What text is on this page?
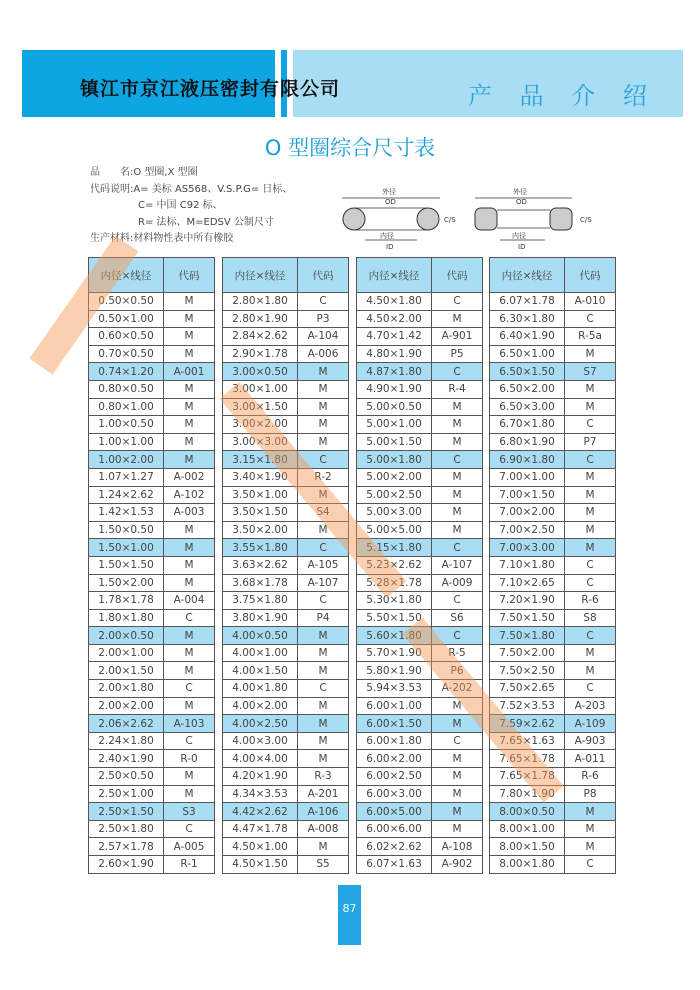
镇江市京江液压密封有限公司	产 品 介 绍
O 型圈综合尺寸表
品　　名:O 型圈,X 型圈
代码说明:A= 美标 AS568、V.S.P.G= 日标、
C= 中国 C92 标、
R= 法标、M=EDSV 公制尺寸
生产材料:材料物性表中所有橡胶
外径
OD
内径
ID
C/S
外径
OD
内径
ID
C/S
内径×线径	代码
0.50×0.50	M
0.50×1.00	M
0.60×0.50	M
0.70×0.50	M
0.74×1.20	A-001
0.80×0.50	M
0.80×1.00	M
1.00×0.50	M
1.00×1.00	M
1.00×2.00	M
1.07×1.27	A-002
1.24×2.62	A-102
1.42×1.53	A-003
1.50×0.50	M
1.50×1.00	M
1.50×1.50	M
1.50×2.00	M
1.78×1.78	A-004
1.80×1.80	C
2.00×0.50	M
2.00×1.00	M
2.00×1.50	M
2.00×1.80	C
2.00×2.00	M
2.06×2.62	A-103
2.24×1.80	C
2.40×1.90	R-0
2.50×0.50	M
2.50×1.00	M
2.50×1.50	S3
2.50×1.80	C
2.57×1.78	A-005
2.60×1.90	R-1
内径×线径	代码
2.80×1.80	C
2.80×1.90	P3
2.84×2.62	A-104
2.90×1.78	A-006
3.00×0.50	M
3.00×1.00	M
3.00×1.50	M
3.00×2.00	M
3.00×3.00	M
3.15×1.80	C
3.40×1.90	R-2
3.50×1.00	M
3.50×1.50	S4
3.50×2.00	M
3.55×1.80	C
3.63×2.62	A-105
3.68×1.78	A-107
3.75×1.80	C
3.80×1.90	P4
4.00×0.50	M
4.00×1.00	M
4.00×1.50	M
4.00×1.80	C
4.00×2.00	M
4.00×2.50	M
4.00×3.00	M
4.00×4.00	M
4.20×1.90	R-3
4.34×3.53	A-201
4.42×2.62	A-106
4.47×1.78	A-008
4.50×1.00	M
4.50×1.50	S5
内径×线径	代码
4.50×1.80	C
4.50×2.00	M
4.70×1.42	A-901
4.80×1.90	P5
4.87×1.80	C
4.90×1.90	R-4
5.00×0.50	M
5.00×1.00	M
5.00×1.50	M
5.00×1.80	C
5.00×2.00	M
5.00×2.50	M
5.00×3.00	M
5.00×5.00	M
5.15×1.80	C
5.23×2.62	A-107
5.28×1.78	A-009
5.30×1.80	C
5.50×1.50	S6
5.60×1.80	C
5.70×1.90	R-5
5.80×1.90	P6
5.94×3.53	A-202
6.00×1.00	M
6.00×1.50	M
6.00×1.80	C
6.00×2.00	M
6.00×2.50	M
6.00×3.00	M
6.00×5.00	M
6.00×6.00	M
6.02×2.62	A-108
6.07×1.63	A-902
内径×线径	代码
6.07×1.78	A-010
6.30×1.80	C
6.40×1.90	R-5a
6.50×1.00	M
6.50×1.50	S7
6.50×2.00	M
6.50×3.00	M
6.70×1.80	C
6.80×1.90	P7
6.90×1.80	C
7.00×1.00	M
7.00×1.50	M
7.00×2.00	M
7.00×2.50	M
7.00×3.00	M
7.10×1.80	C
7.10×2.65	C
7.20×1.90	R-6
7.50×1.50	S8
7.50×1.80	C
7.50×2.00	M
7.50×2.50	M
7.50×2.65	C
7.52×3.53	A-203
7.59×2.62	A-109
7.65×1.63	A-903
7.65×1.78	A-011
7.65×1.78	R-6
7.80×1.90	P8
8.00×0.50	M
8.00×1.00	M
8.00×1.50	M
8.00×1.80	C
87
